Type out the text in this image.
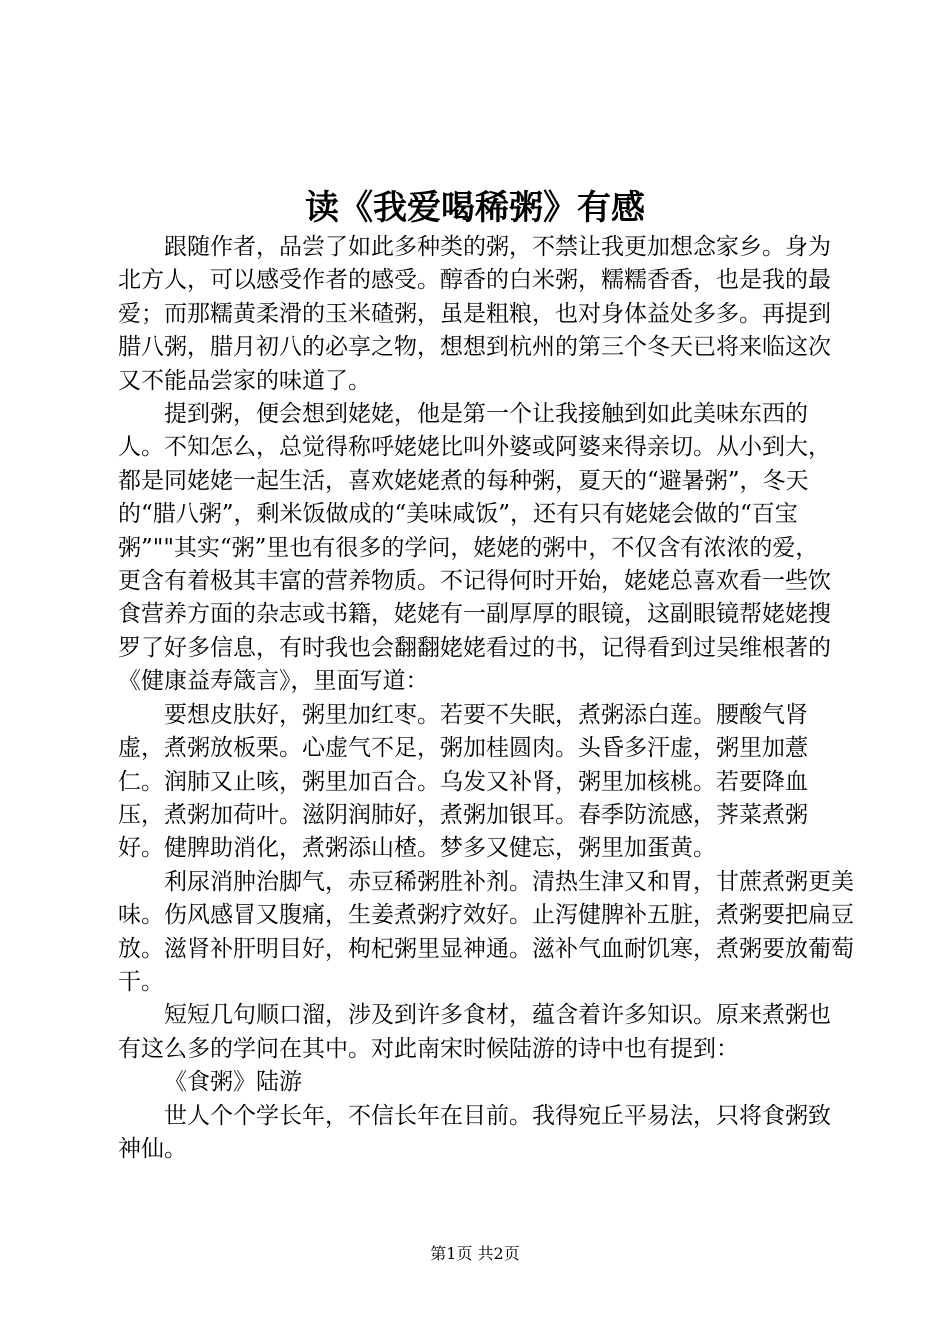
读《我爱喝稀粥》有感

跟随作者，品尝了如此多种类的粥，不禁让我更加想念家乡。身为北方人，可以感受作者的感受。醇香的白米粥，糯糯香香，也是我的最爱；而那糯黄柔滑的玉米碴粥，虽是粗粮，也对身体益处多多。再提到腊八粥，腊月初八的必享之物，想想到杭州的第三个冬天已将来临这次又不能品尝家的味道了。

提到粥，便会想到姥姥，他是第一个让我接触到如此美味东西的人。不知怎么，总觉得称呼姥姥比叫外婆或阿婆来得亲切。从小到大，都是同姥姥一起生活，喜欢姥姥煮的每种粥，夏天的“避暑粥”，冬天的“腊八粥”，剩米饭做成的“美味咸饭”，还有只有姥姥会做的“百宝粥”""其实“粥”里也有很多的学问，姥姥的粥中，不仅含有浓浓的爱，更含有着极其丰富的营养物质。不记得何时开始，姥姥总喜欢看一些饮食营养方面的杂志或书籍，姥姥有一副厚厚的眼镜，这副眼镜帮姥姥搜罗了好多信息，有时我也会翻翻姥姥看过的书，记得看到过吴维根著的《健康益寿箴言》，里面写道：

要想皮肤好，粥里加红枣。若要不失眠，煮粥添白莲。腰酸气肾虚，煮粥放板栗。心虚气不足，粥加桂圆肉。头昏多汗虚，粥里加薏仁。润肺又止咳，粥里加百合。乌发又补肾，粥里加核桃。若要降血压，煮粥加荷叶。滋阴润肺好，煮粥加银耳。春季防流感，荠菜煮粥好。健脾助消化，煮粥添山楂。梦多又健忘，粥里加蛋黄。

利尿消肿治脚气，赤豆稀粥胜补剂。清热生津又和胃，甘蔗煮粥更美味。伤风感冒又腹痛，生姜煮粥疗效好。止泻健脾补五脏，煮粥要把扁豆放。滋肾补肝明目好，枸杞粥里显神通。滋补气血耐饥寒，煮粥要放葡萄干。

短短几句顺口溜，涉及到许多食材，蕴含着许多知识。原来煮粥也有这么多的学问在其中。对此南宋时候陆游的诗中也有提到：

《食粥》陆游

世人个个学长年，不信长年在目前。我得宛丘平易法，只将食粥致神仙。

第1页 共2页
